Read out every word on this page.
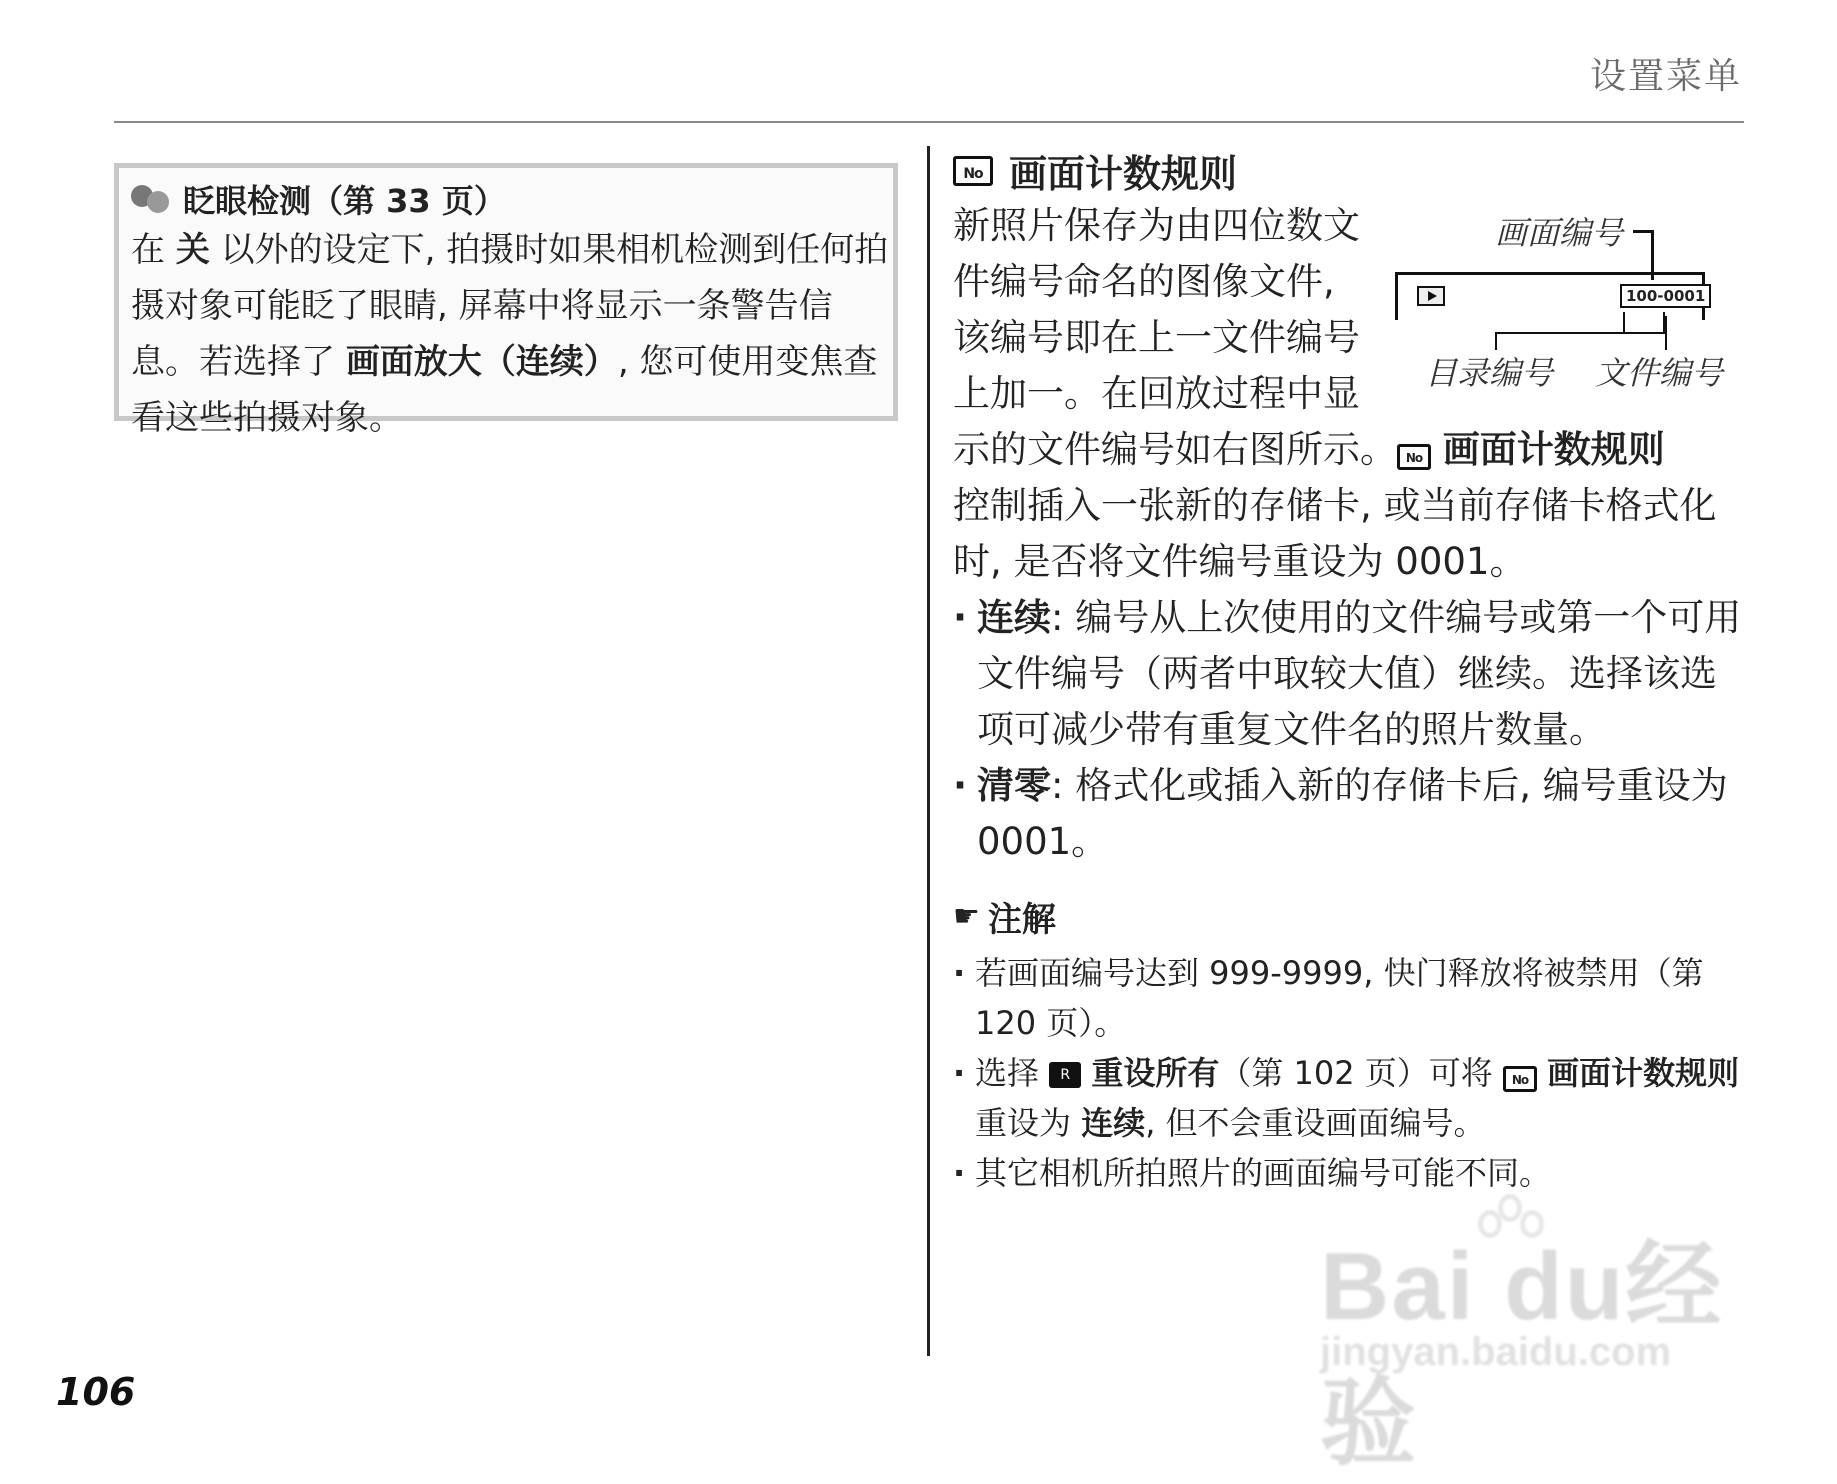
设置菜单
106
眨眼检测（第 33 页）
在 关 以外的设定下, 拍摄时如果相机检测到任何拍摄对象可能眨了眼睛, 屏幕中将显示一条警告信息。若选择了 画面放大（连续）, 您可使用变焦查看这些拍摄对象。
No 画面计数规则
新照片保存为由四位数文件编号命名的图像文件, 该编号即在上一文件编号上加一。在回放过程中显
画面编号
100-0001
目录编号 文件编号
示的文件编号如右图所示。 No 画面计数规则
控制插入一张新的存储卡, 或当前存储卡格式化时, 是否将文件编号重设为 0001。
· 连续: 编号从上次使用的文件编号或第一个可用文件编号（两者中取较大值）继续。选择该选项可减少带有重复文件名的照片数量。
· 清零: 格式化或插入新的存储卡后, 编号重设为 0001。
☛ 注解
· 若画面编号达到 999-9999, 快门释放将被禁用（第 120 页）。
· 选择 R 重设所有（第 102 页）可将 No 画面计数规则 重设为 连续, 但不会重设画面编号。
· 其它相机所拍照片的画面编号可能不同。
Bai du经验
jingyan.baidu.com
